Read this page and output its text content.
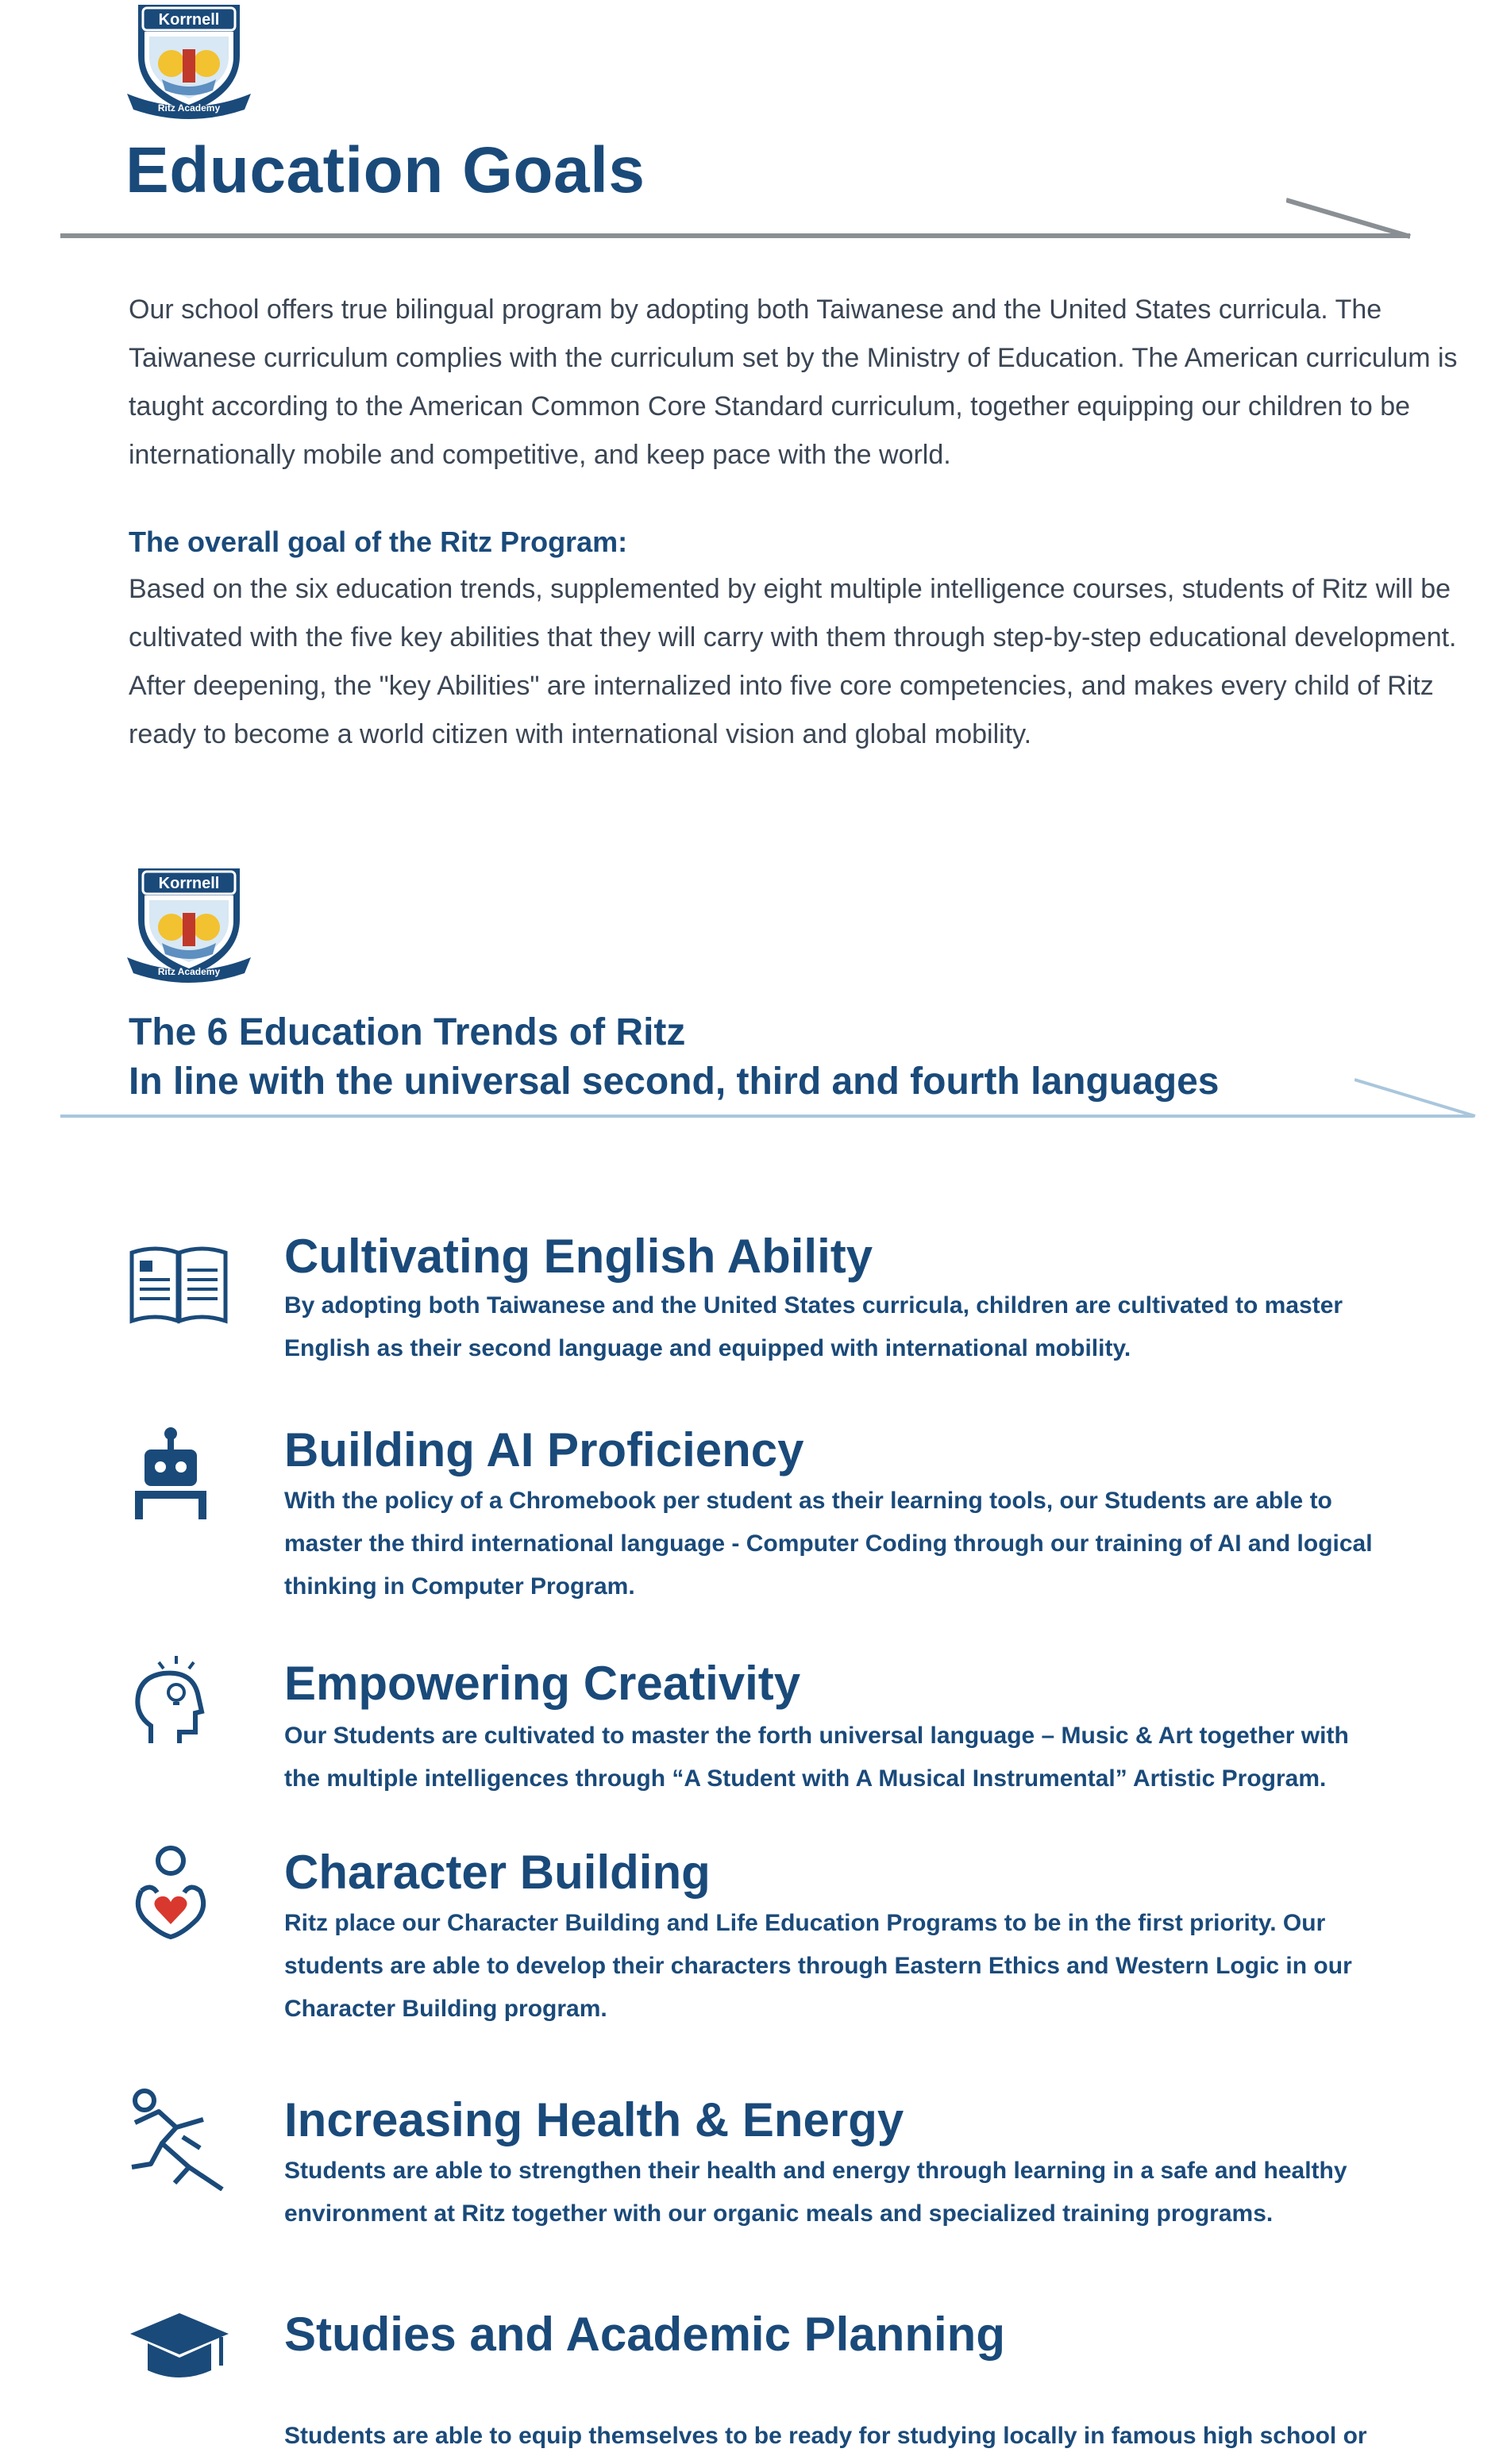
Korrnell
Ritz Academy
Education Goals

Our school offers true bilingual program by adopting both Taiwanese and the United States curricula. The Taiwanese curriculum complies with the curriculum set by the Ministry of Education. The American curriculum is taught according to the American Common Core Standard curriculum, together equipping our children to be internationally mobile and competitive, and keep pace with the world.

The overall goal of the Ritz Program:

Based on the six education trends, supplemented by eight multiple intelligence courses, students of Ritz will be cultivated with the five key abilities that they will carry with them through step-by-step educational development. After deepening, the "key Abilities" are internalized into five core competencies, and makes every child of Ritz ready to become a world citizen with international vision and global mobility.

Korrnell
Ritz Academy
The 6 Education Trends of Ritz
In line with the universal second, third and fourth languages
Cultivating English Ability

By adopting both Taiwanese and the United States curricula, children are cultivated to master English as their second language and equipped with international mobility.

Building AI Proficiency

With the policy of a Chromebook per student as their learning tools, our Students are able to master the third international language - Computer Coding through our training of AI and logical thinking in Computer Program.

Empowering Creativity

Our Students are cultivated to master the forth universal language – Music & Art together with the multiple intelligences through “A Student with A Musical Instrumental” Artistic Program.

Character Building

Ritz place our Character Building and Life Education Programs to be in the first priority. Our students are able to develop their characters through Eastern Ethics and Western Logic in our Character Building program.

Increasing Health & Energy

Students are able to strengthen their health and energy through learning in a safe and healthy environment at Ritz together with our organic meals and specialized training programs.

Studies and Academic Planning

Students are able to equip themselves to be ready for studying locally in famous high school or
